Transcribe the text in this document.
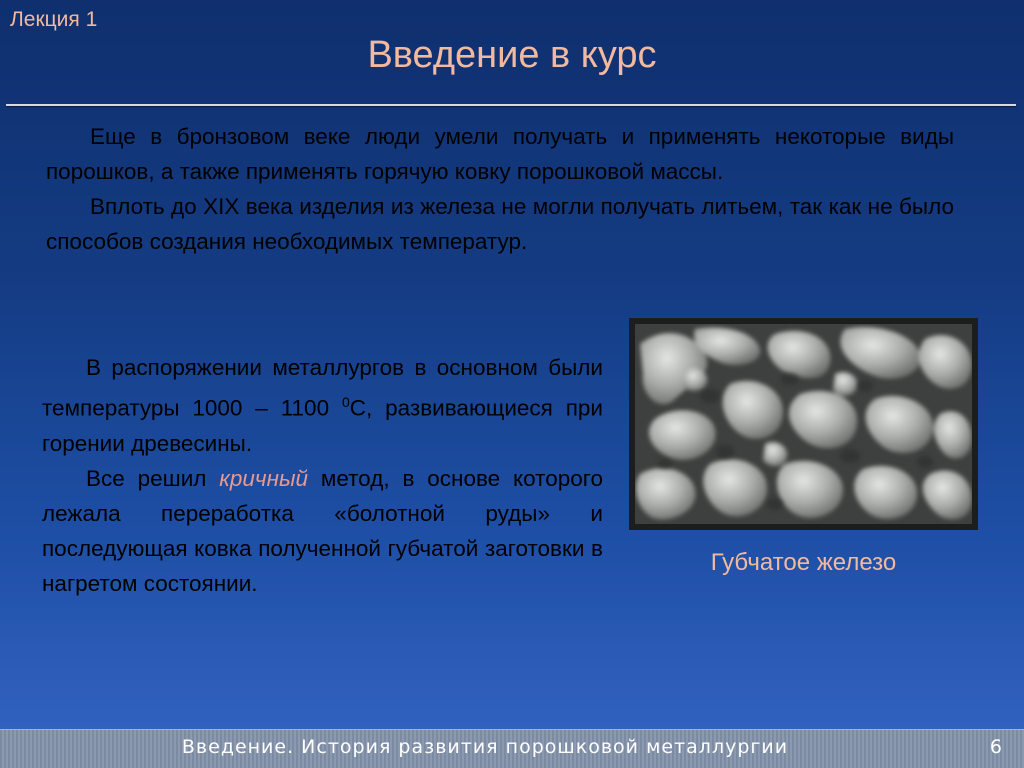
Лекция 1
Введение в курс

Еще в бронзовом веке люди умели получать и применять некоторые виды порошков, а также применять горячую ковку порошковой массы.

Вплоть до XIX века изделия из железа не могли получать литьем, так как не было способов создания необходимых температур.

В распоряжении металлургов в основном были температуры 1000 – 1100 $^0$С, развивающиеся при горении древесины.

Все решил кричный метод, в основе которого лежала переработка «болотной руды» и последующая ковка полученной губчатой заготовки в нагретом состоянии.

Губчатое железо
Введение. История развития порошковой металлургии	6
